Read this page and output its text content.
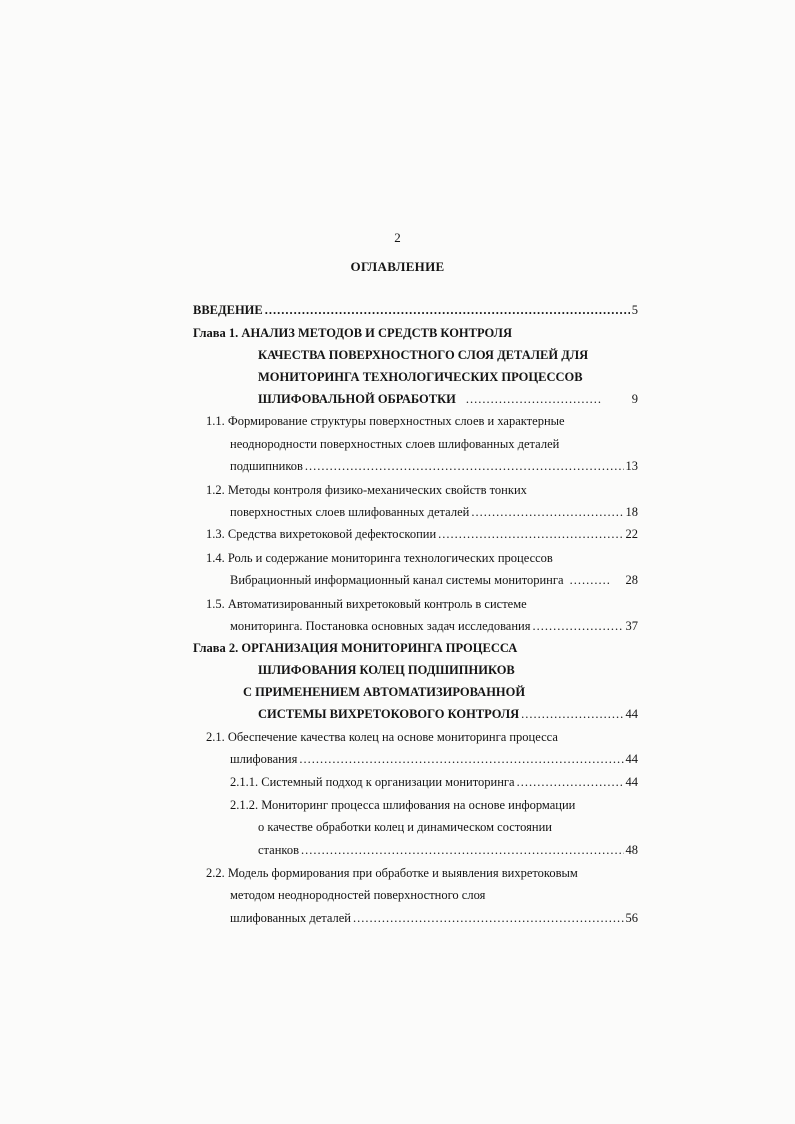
2
ОГЛАВЛЕНИЕ
ВВЕДЕНИЕ .....	5
Глава 1. АНАЛИЗ МЕТОДОВ И СРЕДСТВ КОНТРОЛЯ
КАЧЕСТВА ПОВЕРХНОСТНОГО СЛОЯ ДЕТАЛЕЙ ДЛЯ
МОНИТОРИНГА ТЕХНОЛОГИЧЕСКИХ ПРОЦЕССОВ
ШЛИФОВАЛЬНОЙ ОБРАБОТКИ .....	9
1.1. Формирование структуры поверхностных слоев и характерные
неоднородности поверхностных слоев шлифованных деталей
подшипников .....	13
1.2. Методы контроля физико-механических свойств тонких
поверхностных слоев шлифованных деталей .....	18
1.3. Средства вихретоковой дефектоскопии .....	22
1.4. Роль и содержание мониторинга технологических процессов
Вибрационный информационный канал системы мониторинга .....	28
1.5. Автоматизированный вихретоковый контроль в системе
мониторинга. Постановка основных задач исследования .....	37
Глава 2. ОРГАНИЗАЦИЯ МОНИТОРИНГА ПРОЦЕССА
ШЛИФОВАНИЯ КОЛЕЦ ПОДШИПНИКОВ
С ПРИМЕНЕНИЕМ АВТОМАТИЗИРОВАННОЙ
СИСТЕМЫ ВИХРЕТОКОВОГО КОНТРОЛЯ .....	44
2.1. Обеспечение качества колец на основе мониторинга процесса
шлифования .....	44
2.1.1. Системный подход к организации мониторинга .....	44
2.1.2. Мониторинг процесса шлифования на основе информации
о качестве обработки колец и динамическом состоянии
станков .....	48
2.2. Модель формирования при обработке и выявления вихретоковым
методом неоднородностей поверхностного слоя
шлифованных деталей .....	56
